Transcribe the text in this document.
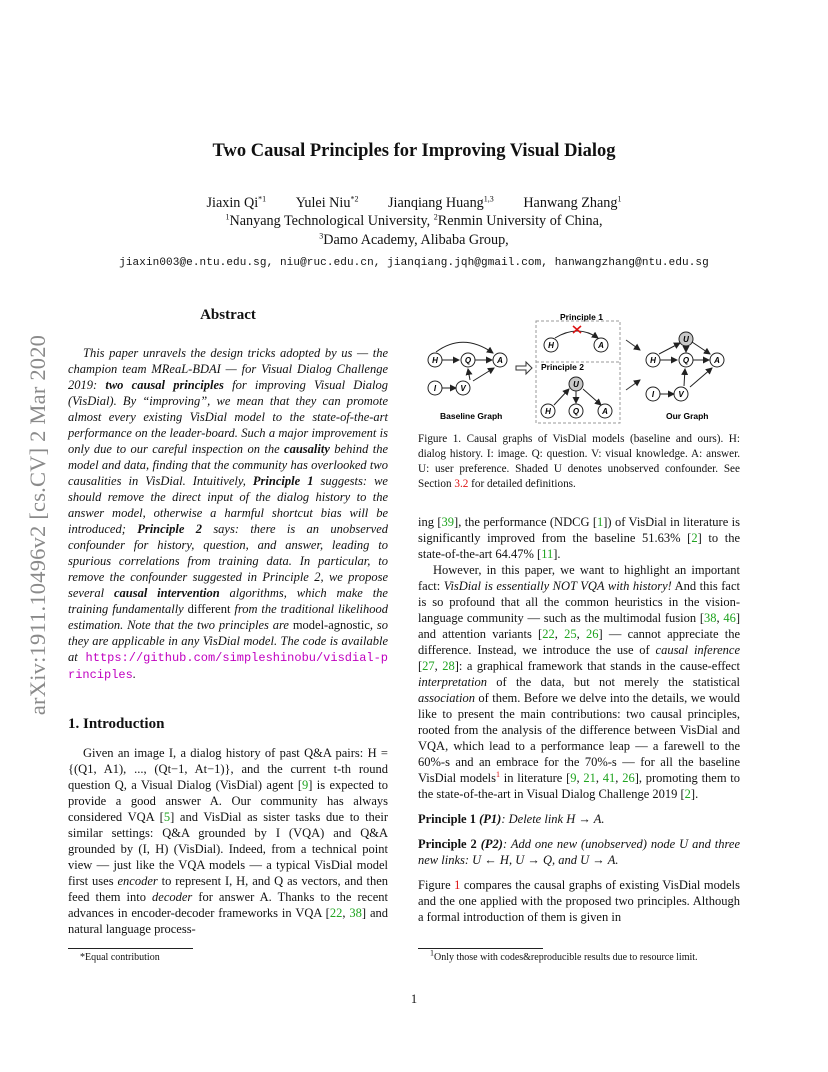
arXiv:1911.10496v2 [cs.CV] 2 Mar 2020
Two Causal Principles for Improving Visual Dialog
Jiaxin Qi$^{*1}$ Yulei Niu$^{*2}$ Jianqiang Huang$^{1,3}$ Hanwang Zhang$^1$
$^1$Nanyang Technological University, $^2$Renmin University of China,
$^3$Damo Academy, Alibaba Group,
jiaxin003@e.ntu.edu.sg, niu@ruc.edu.cn, jianqiang.jqh@gmail.com, hanwangzhang@ntu.edu.sg
Abstract

This paper unravels the design tricks adopted by us — the champion team MReaL-BDAI — for Visual Dialog Challenge 2019: two causal principles for improving Visual Dialog (VisDial). By “improving”, we mean that they can promote almost every existing VisDial model to the state-of-the-art performance on the leader-board. Such a major improvement is only due to our careful inspection on the causality behind the model and data, finding that the community has overlooked two causalities in VisDial. Intuitively, Principle 1 suggests: we should remove the direct input of the dialog history to the answer model, otherwise a harmful shortcut bias will be introduced; Principle 2 says: there is an unobserved confounder for history, question, and answer, leading to spurious correlations from training data. In particular, to remove the confounder suggested in Principle 2, we propose several causal intervention algorithms, which make the training fundamentally different from the traditional likelihood estimation. Note that the two principles are model-agnostic, so they are applicable in any VisDial model. The code is available at https://github.com/simpleshinobu/visdial-principles.

1. Introduction

Given an image I, a dialog history of past Q&A pairs: H = {(Q1, A1), ..., (Qt−1, At−1)}, and the current t-th round question Q, a Visual Dialog (VisDial) agent [9] is expected to provide a good answer A. Our community has always considered VQA [5] and VisDial as sister tasks due to their similar settings: Q&A grounded by I (VQA) and Q&A grounded by (I, H) (VisDial). Indeed, from a technical point view — just like the VQA models — a typical VisDial model first uses encoder to represent I, H, and Q as vectors, and then feed them into decoder for answer A. Thanks to the recent advances in encoder-decoder frameworks in VQA [22, 38] and natural language process-

*Equal contribution
Principle 1
Principle 2
Baseline Graph	Our Graph
H	Q	A
I	V
H	A
U
H	Q	A
U
H	Q	A
I	V

Figure 1. Causal graphs of VisDial models (baseline and ours). H: dialog history. I: image. Q: question. V: visual knowledge. A: answer. U: user preference. Shaded U denotes unobserved confounder. See Section 3.2 for detailed definitions.

ing [39], the performance (NDCG [1]) of VisDial in literature is significantly improved from the baseline 51.63% [2] to the state-of-the-art 64.47% [11].

However, in this paper, we want to highlight an important fact: VisDial is essentially NOT VQA with history! And this fact is so profound that all the common heuristics in the vision-language community — such as the multimodal fusion [38, 46] and attention variants [22, 25, 26] — cannot appreciate the difference. Instead, we introduce the use of causal inference [27, 28]: a graphical framework that stands in the cause-effect interpretation of the data, but not merely the statistical association of them. Before we delve into the details, we would like to present the main contributions: two causal principles, rooted from the analysis of the difference between VisDial and VQA, which lead to a performance leap — a farewell to the 60%-s and an embrace for the 70%-s — for all the baseline VisDial models$^1$ in literature [9, 21, 41, 26], promoting them to the state-of-the-art in Visual Dialog Challenge 2019 [2].

Principle 1 (P1): Delete link H → A.

Principle 2 (P2): Add one new (unobserved) node U and three new links: U ← H, U → Q, and U → A.

Figure 1 compares the causal graphs of existing VisDial models and the one applied with the proposed two principles. Although a formal introduction of them is given in

$^1$Only those with codes&reproducible results due to resource limit.
1
